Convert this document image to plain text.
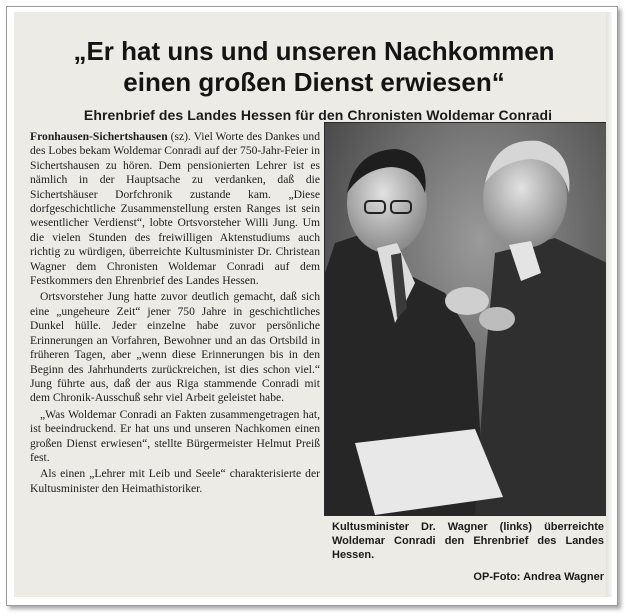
„Er hat uns und unseren Nachkommen
einen großen Dienst erwiesen“
Ehrenbrief des Landes Hessen für den Chronisten Woldemar Conradi

Fronhausen-Sichertshausen (sz). Viel Worte des Dankes und des Lobes bekam Woldemar Conradi auf der 750-Jahr-Feier in Sichertshausen zu hören. Dem pensionierten Lehrer ist es nämlich in der Hauptsache zu verdanken, daß die Sichertshäuser Dorfchronik zustande kam. „Diese dorfgeschichtliche Zusammenstellung ersten Ranges ist sein wesentlicher Verdienst“, lobte Ortsvorsteher Willi Jung. Um die vielen Stunden des freiwilligen Aktenstudiums auch richtig zu würdigen, überreichte Kultusminister Dr. Christean Wagner dem Chronisten Woldemar Conradi auf dem Festkommers den Ehrenbrief des Landes Hessen.

Ortsvorsteher Jung hatte zuvor deutlich gemacht, daß sich eine „ungeheure Zeit“ jener 750 Jahre in geschichtliches Dunkel hülle. Jeder einzelne habe zuvor persönliche Erinnerungen an Vorfahren, Bewohner und an das Ortsbild in früheren Tagen, aber „wenn diese Erinnerungen bis in den Beginn des Jahrhunderts zurückreichen, ist dies schon viel.“ Jung führte aus, daß der aus Riga stammende Conradi mit dem Chronik-Ausschuß sehr viel Arbeit geleistet habe.

„Was Woldemar Conradi an Fakten zusammengetragen hat, ist beeindruckend. Er hat uns und unseren Nachkomen einen großen Dienst erwiesen“, stellte Bürgermeister Helmut Preiß fest.

Als einen „Lehrer mit Leib und Seele“ charakterisierte der Kultusminister den Heimathistoriker.

Kultusminister Dr. Wagner (links) überreichte Woldemar Conradi den Ehrenbrief des Landes Hessen.
OP-Foto: Andrea Wagner
